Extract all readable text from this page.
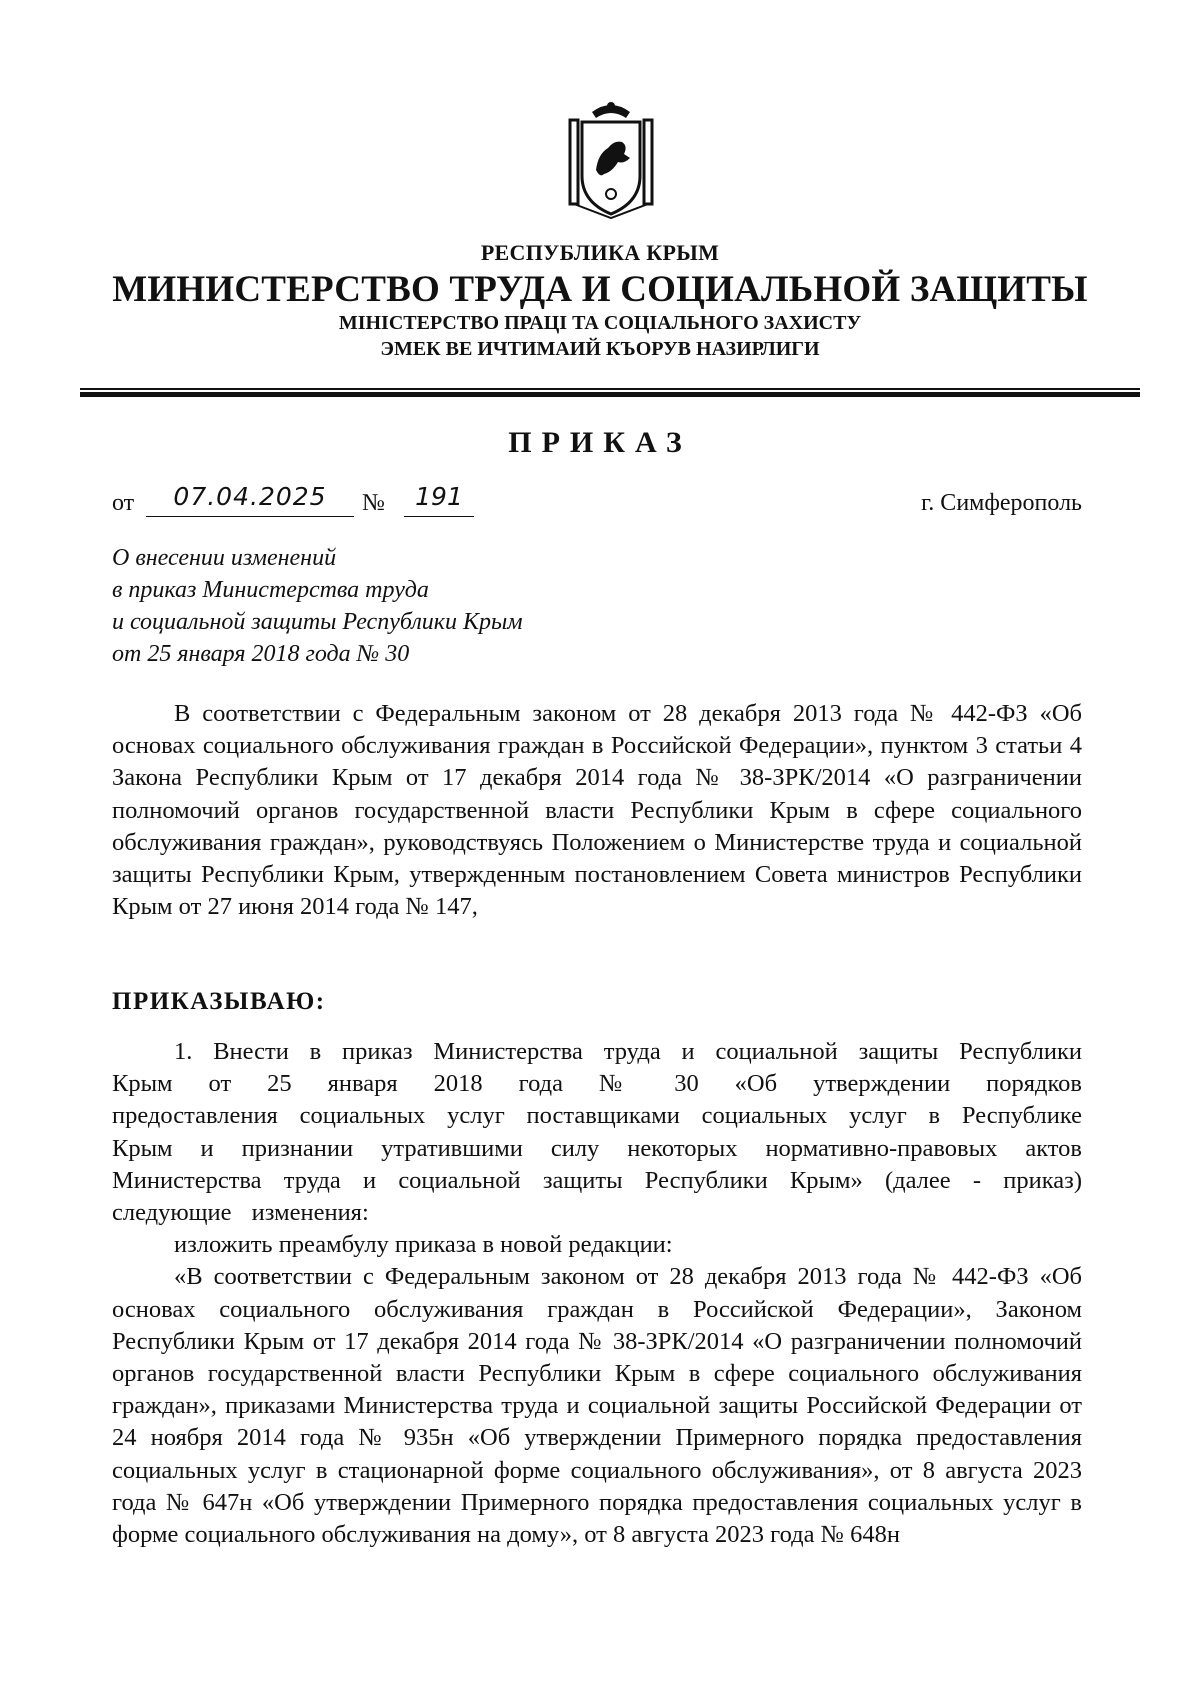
РЕСПУБЛИКА КРЫМ
МИНИСТЕРСТВО ТРУДА И СОЦИАЛЬНОЙ ЗАЩИТЫ
МІНІСТЕРСТВО ПРАЦІ ТА СОЦІАЛЬНОГО ЗАХИСТУ
ЭМЕК ВЕ ИЧТИМАИЙ КЪОРУВ НАЗИРЛИГИ
ПРИКАЗ
от	07.04.2025	№	191	г. Симферополь
О внесении изменений
в приказ Министерства труда
и социальной защиты Республики Крым
от 25 января 2018 года № 30

В соответствии с Федеральным законом от 28 декабря 2013 года № 442-ФЗ «Об основах социального обслуживания граждан в Российской Федерации», пунктом 3 статьи 4 Закона Республики Крым от 17 декабря 2014 года № 38-ЗРК/2014 «О разграничении полномочий органов государственной власти Республики Крым в сфере социального обслуживания граждан», руководствуясь Положением о Министерстве труда и социальной защиты Республики Крым, утвержденным постановлением Совета министров Республики Крым от 27 июня 2014 года № 147,

ПРИКАЗЫВАЮ:

1. Внести в приказ Министерства труда и социальной защиты Республики Крым от 25 января 2018 года № 30 «Об утверждении порядков предоставления социальных услуг поставщиками социальных услуг в Республике Крым и признании утратившими силу некоторых нормативно-правовых актов Министерства труда и социальной защиты Республики Крым» (далее - приказ) следующие изменения:

изложить преамбулу приказа в новой редакции:

«В соответствии с Федеральным законом от 28 декабря 2013 года № 442-ФЗ «Об основах социального обслуживания граждан в Российской Федерации», Законом Республики Крым от 17 декабря 2014 года № 38-ЗРК/2014 «О разграничении полномочий органов государственной власти Республики Крым в сфере социального обслуживания граждан», приказами Министерства труда и социальной защиты Российской Федерации от 24 ноября 2014 года № 935н «Об утверждении Примерного порядка предоставления социальных услуг в стационарной форме социального обслуживания», от 8 августа 2023 года № 647н «Об утверждении Примерного порядка предоставления социальных услуг в форме социального обслуживания на дому», от 8 августа 2023 года № 648н
